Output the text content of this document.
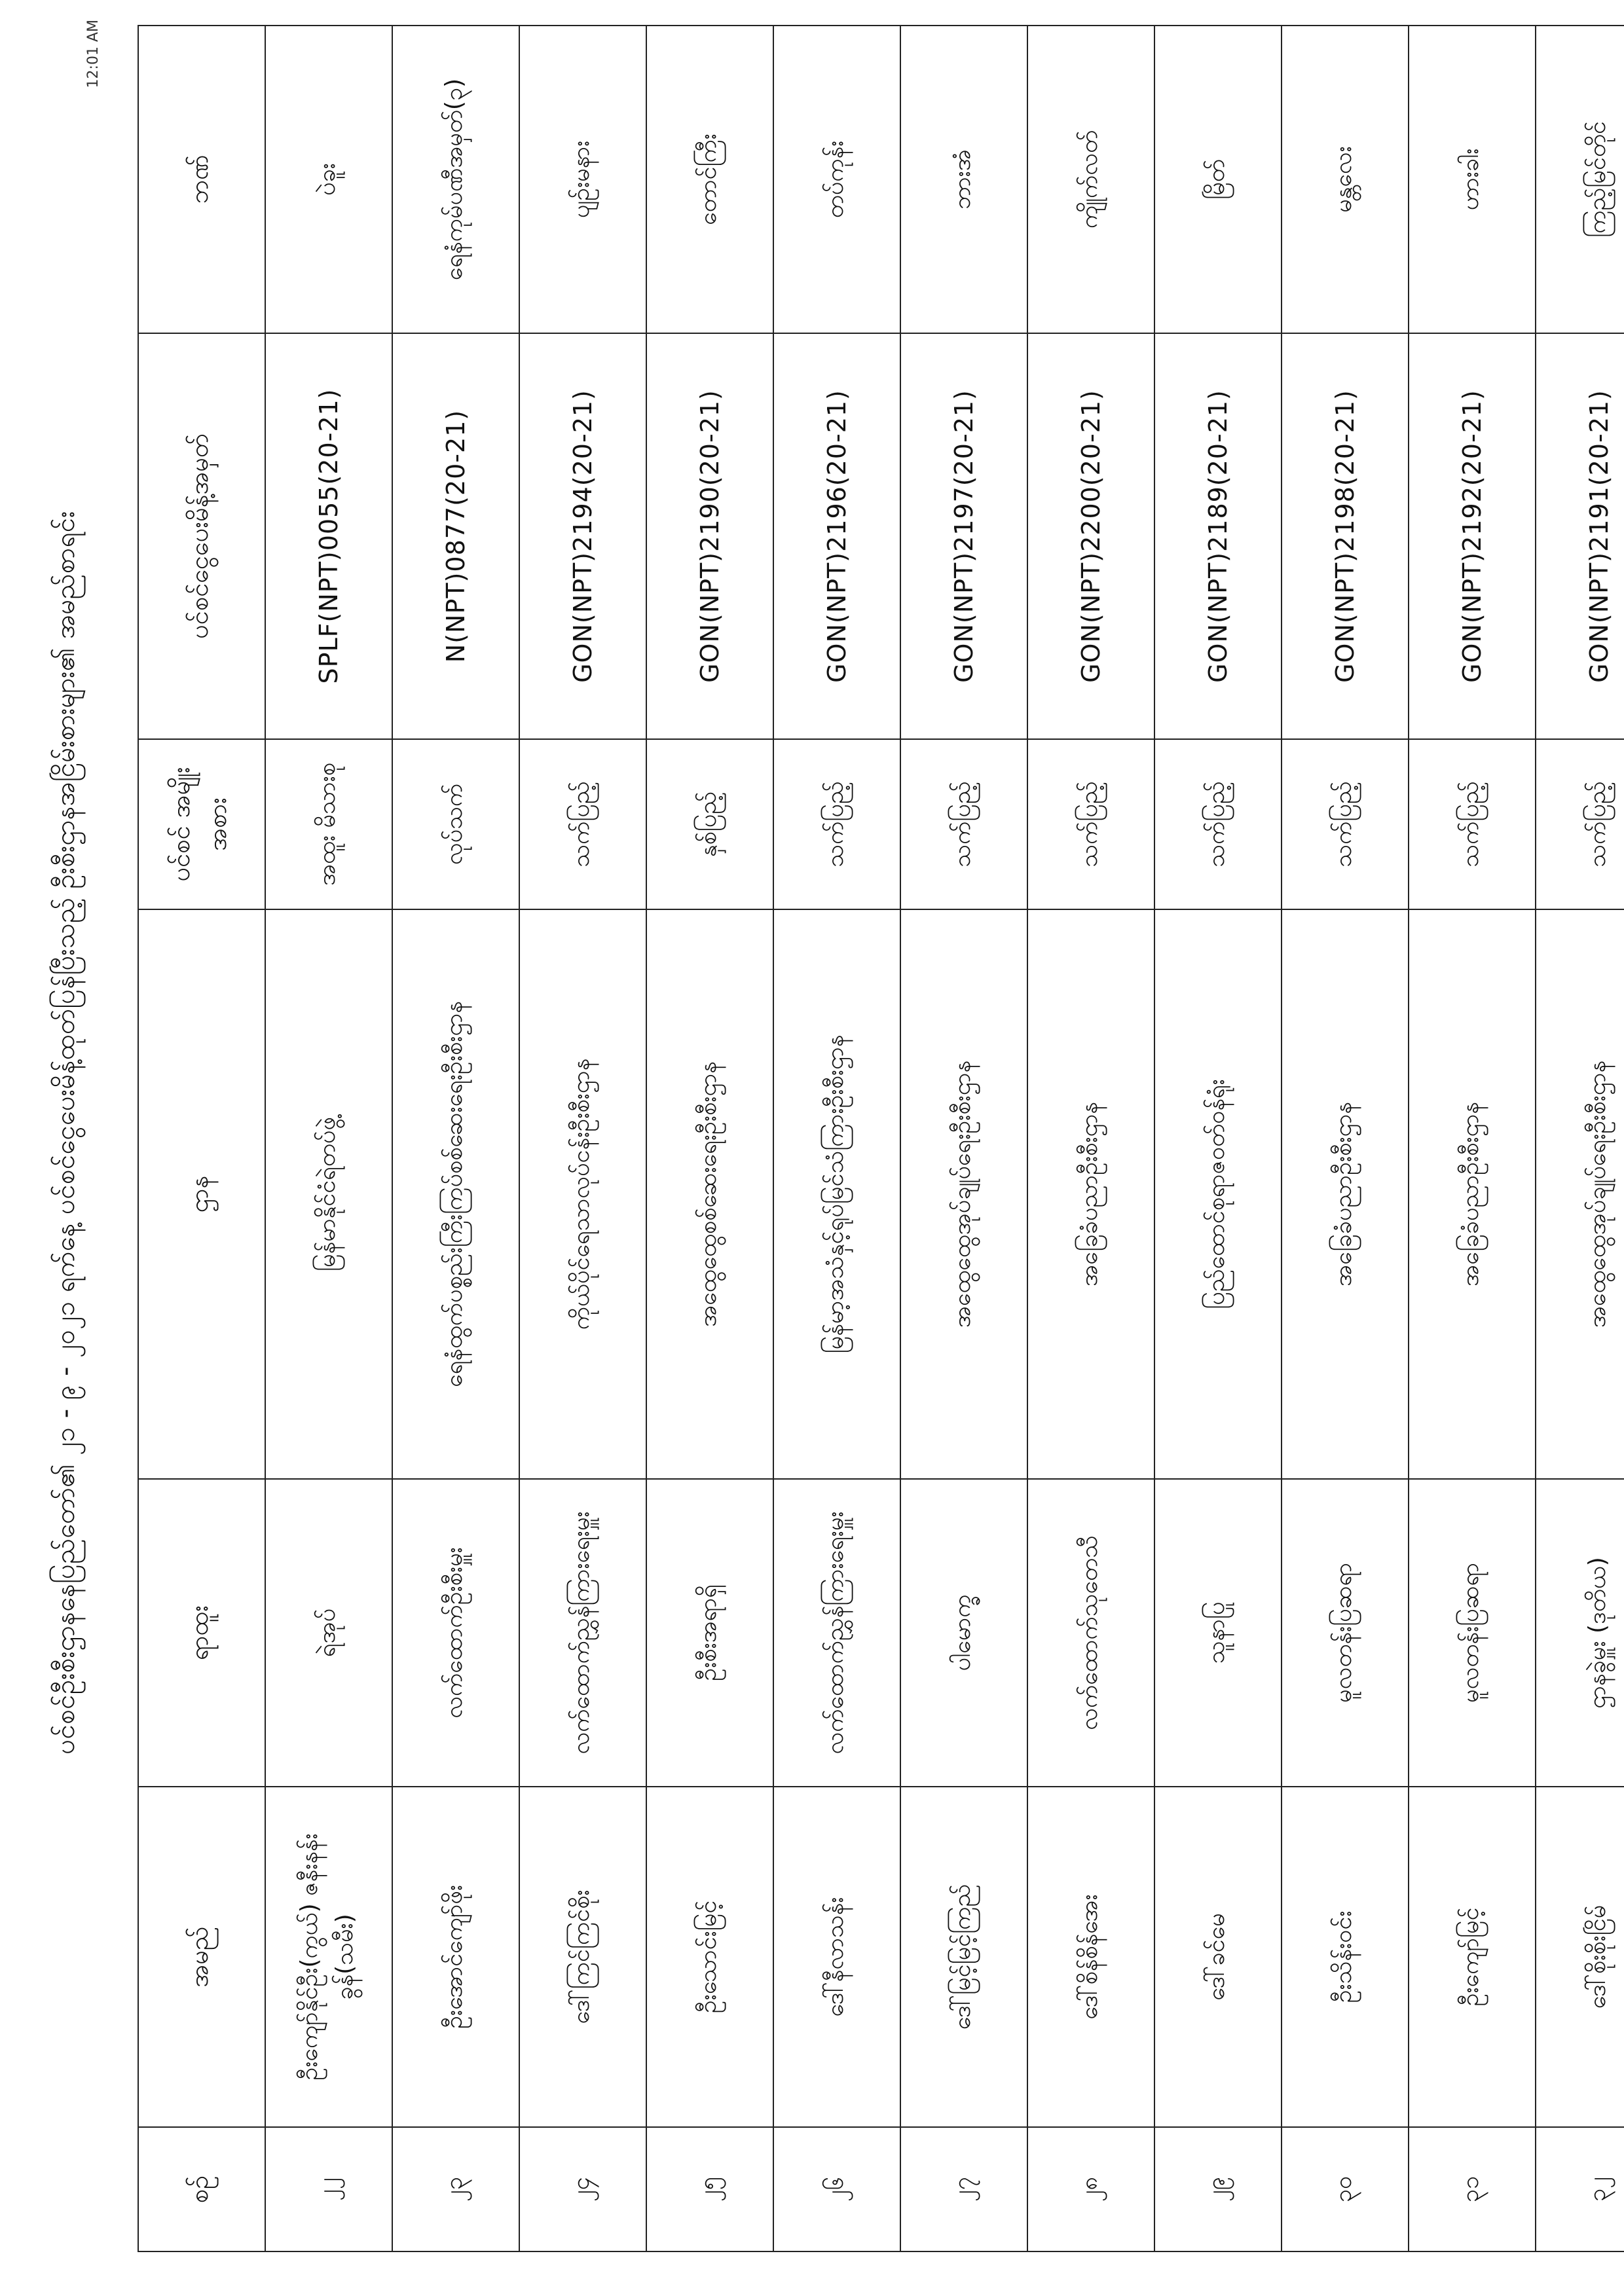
ပင်စင်ဦးစီးဌာနနေပြည်တော်၏ ၂၁ - ၉ - ၂၀၂၁ ရက်နေ့ ပင်စင်ငွေပေးမိန့်ထုတ်ပြန်ပြီးသည့် ဦးစီးဌာနအငြိမ်းစားများ၏ အမည်စာရင်း
စဉ်	အမည်	ရာထူး	ဌာန	ပင်စင် အမျိုးအစား	ပင်စင်ငွေပေးမိန့်အမှတ်	ဘဏ်
၂၂	ဦးကျော်နိုင်ဦး(ကွယ်) ဇနီးနန်းခွန်(သမီး)	ရဲအုပ်	မြန်မာနိုင်ငံရဲတပ်ဖွဲ့	အထူး မိသားစု	SPLF(NPT)0055(20-21)	ပဲခူး
၂၃	ဦးအောင်ကျော်ဖိုး	လက်ထောက်ဦးစီးမှူး	ရေနံထွက်ပစ္စည်းကြီးကြပ်စစ်ဆေးရေးဦးစီးဌာန	လုပ်သက်	N(NPT)0877(20-21)	ရေနံကုမ်ပဏီအမှတ်(၃)
၂၄	ဒေါ်ကြင်ကြင်စိုး	လက်ထောက်ညွှန်ကြားရေးမှူး	ကိုယ်ပိုင်ရေသာလုပ်ငန်းဦးစီးဌာန	သက်ပြည့်	GON(NPT)2194(20-21)	ပျဉ်းမနား
၂၅	ဦးသောင်းမြင့်	ဦးစီးအရာရှိ	အထွေထွေစစ်ဆေးရေးဦးစီးဌာန	နှစ်ပြည့်	GON(NPT)2190(20-21)	တောင်ကြီး
၂၆	ဒေါ်နီလာသန်း	လက်ထောက်ညွှန်ကြားရေးမှူး	မြန်မာ့အသံနှင့်ရုပ်မြင်သံကြားဦးစီးဌာန	သက်ပြည့်	GON(NPT)2196(20-21)	တပ်ကုန်း
၂၇	ဒေါ်မြင့်မြင့်ကြည်	ပါမောက္ခ	အထွေထွေအုပ်ချုပ်ရေးဦးစီးဌာန	သက်ပြည့်	GON(NPT)2197(20-21)	ဘားအံ
၂၈	ဒေါ်စိန်စိန်အေး	လက်ထောက်သုတေသီ	အခြေခံပညာဦးစီးဌာန	သက်ပြည့်	GON(NPT)2200(20-21)	ကျိုက်လတ်
၂၉	ဒေါ်ခင်မေ	သူနာပြု	ပြည်ထောင်စုရာဇဝတ်ဝန်ရုံး	သက်ပြည့်	GON(NPT)2189(20-21)	မြိတ်
၃၀	ဦးသိန်းဝင်း	မူလတန်းပြဆရာ	အခြေခံပညာဦးစီးဌာန	သက်ပြည့်	GON(NPT)2198(20-21)	မန္တလေး
၃၁	ဦးကျော်မြင့်	မူလတန်းပြဆရာ	အခြေခံပညာဦးစီးဌာန	သက်ပြည့်	GON(NPT)2192(20-21)	ဟားခါး
၃၂	ဒေါ်စိုးစိုးငြိမ်	ဌာနခွဲမှူး (ဒုတိယ)	အထွေထွေအုပ်ချုပ်ရေးဦးစီးဌာန	သက်ပြည့်	GON(NPT)2191(20-21)	ကြည့်မြင်တိုင်
12:01 AM
